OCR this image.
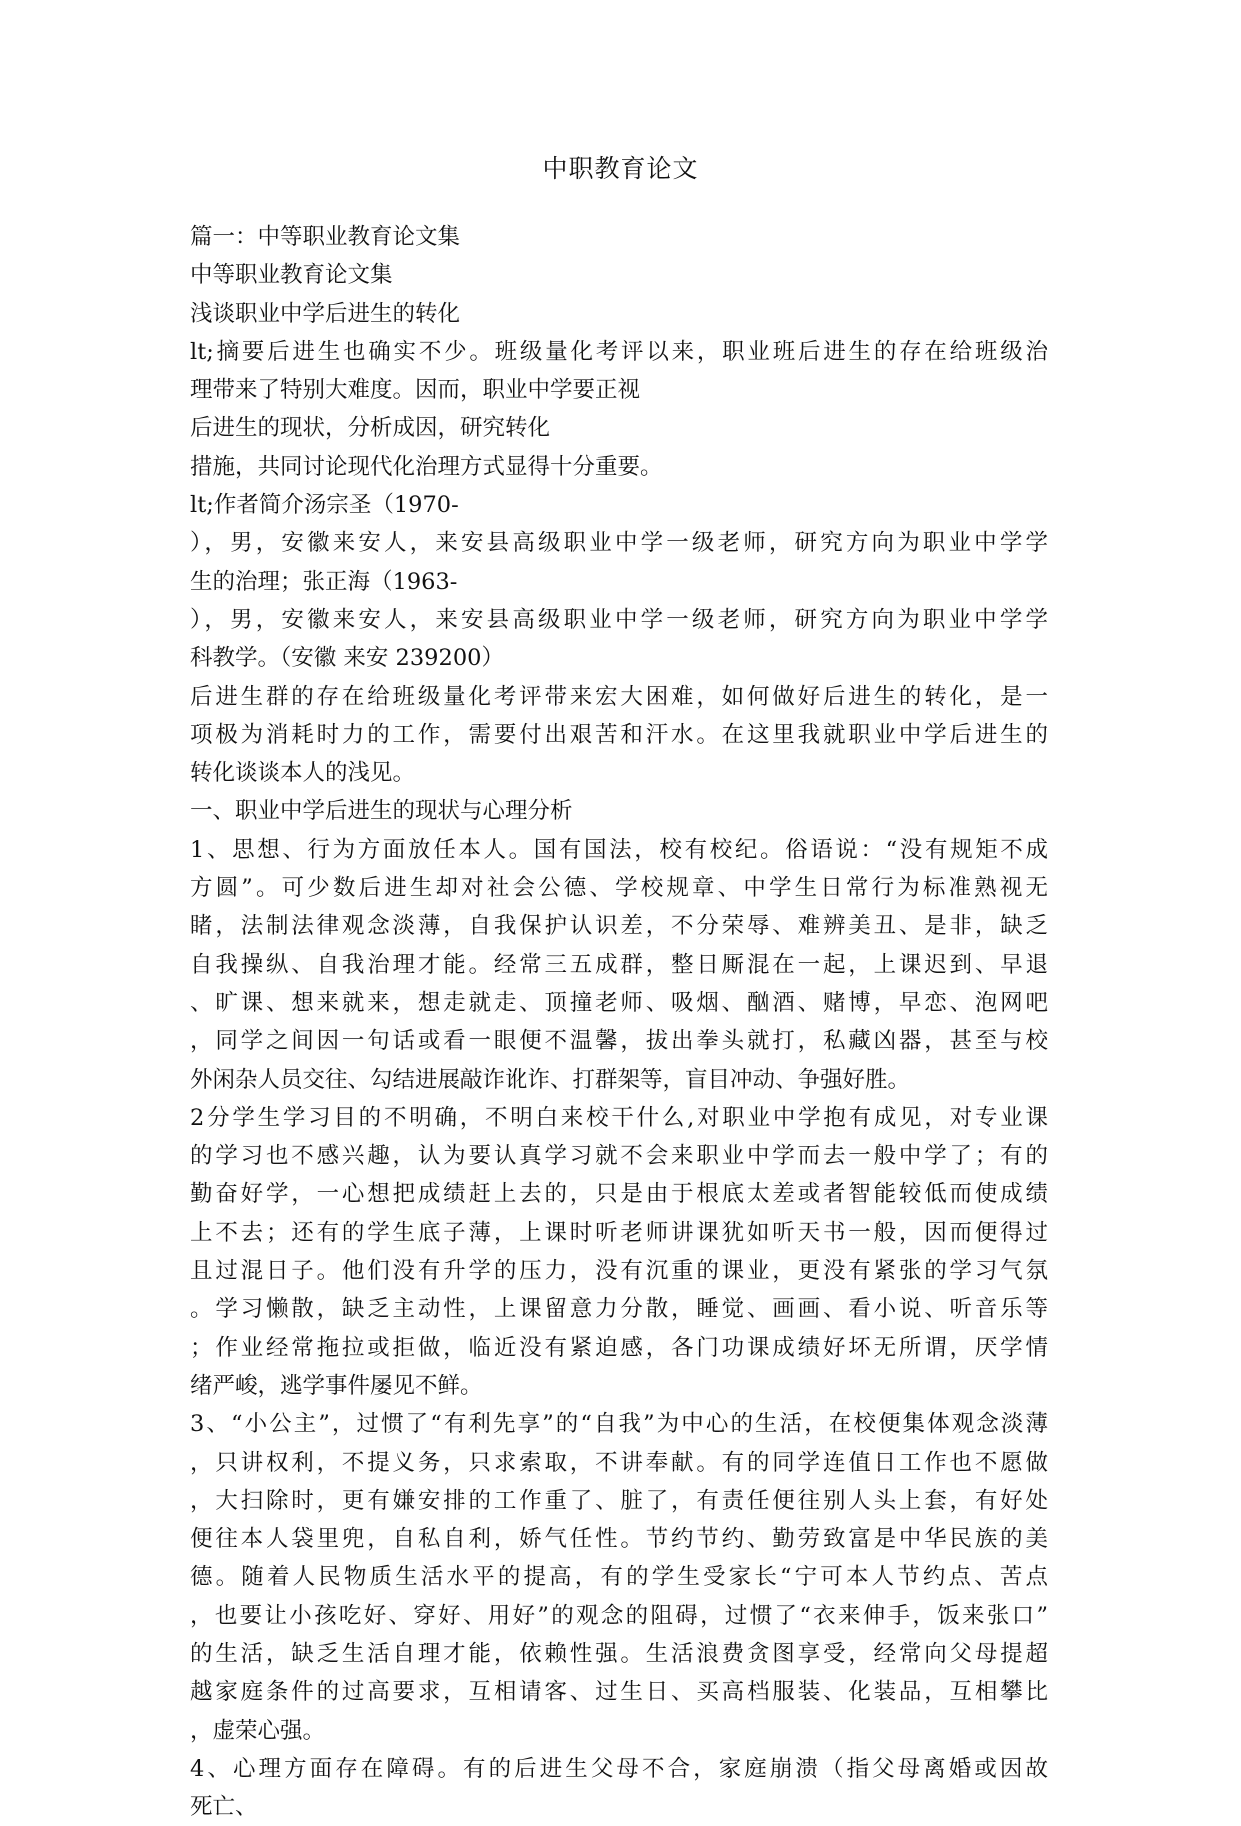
中职教育论文
篇一：中等职业教育论文集
中等职业教育论文集
浅谈职业中学后进生的转化
lt;摘要后进生也确实不少。班级量化考评以来，职业班后进生的存在给班级治
理带来了特别大难度。因而，职业中学要正视
后进生的现状，分析成因，研究转化
措施，共同讨论现代化治理方式显得十分重要。
lt;作者简介汤宗圣（1970-
），男，安徽来安人，来安县高级职业中学一级老师，研究方向为职业中学学
生的治理；张正海（1963-
），男，安徽来安人，来安县高级职业中学一级老师，研究方向为职业中学学
科教学。（安徽 来安 239200）
后进生群的存在给班级量化考评带来宏大困难，如何做好后进生的转化，是一
项极为消耗时力的工作，需要付出艰苦和汗水。在这里我就职业中学后进生的
转化谈谈本人的浅见。
一、职业中学后进生的现状与心理分析
1、思想、行为方面放任本人。国有国法，校有校纪。俗语说：“没有规矩不成
方圆”。可少数后进生却对社会公德、学校规章、中学生日常行为标准熟视无
睹，法制法律观念淡薄，自我保护认识差，不分荣辱、难辨美丑、是非，缺乏
自我操纵、自我治理才能。经常三五成群，整日厮混在一起，上课迟到、早退
、旷课、想来就来，想走就走、顶撞老师、吸烟、酗酒、赌博，早恋、泡网吧
，同学之间因一句话或看一眼便不温馨，拔出拳头就打，私藏凶器，甚至与校
外闲杂人员交往、勾结进展敲诈讹诈、打群架等，盲目冲动、争强好胜。
2分学生学习目的不明确，不明白来校干什么,对职业中学抱有成见，对专业课
的学习也不感兴趣，认为要认真学习就不会来职业中学而去一般中学了；有的
勤奋好学，一心想把成绩赶上去的，只是由于根底太差或者智能较低而使成绩
上不去；还有的学生底子薄，上课时听老师讲课犹如听天书一般，因而便得过
且过混日子。他们没有升学的压力，没有沉重的课业，更没有紧张的学习气氛
。学习懒散，缺乏主动性，上课留意力分散，睡觉、画画、看小说、听音乐等
；作业经常拖拉或拒做，临近没有紧迫感，各门功课成绩好坏无所谓，厌学情
绪严峻，逃学事件屡见不鲜。
3、“小公主”，过惯了“有利先享”的“自我”为中心的生活，在校便集体观念淡薄
，只讲权利，不提义务，只求索取，不讲奉献。有的同学连值日工作也不愿做
，大扫除时，更有嫌安排的工作重了、脏了，有责任便往别人头上套，有好处
便往本人袋里兜，自私自利，娇气任性。节约节约、勤劳致富是中华民族的美
德。随着人民物质生活水平的提高，有的学生受家长“宁可本人节约点、苦点
，也要让小孩吃好、穿好、用好”的观念的阻碍，过惯了“衣来伸手，饭来张口”
的生活，缺乏生活自理才能，依赖性强。生活浪费贪图享受，经常向父母提超
越家庭条件的过高要求，互相请客、过生日、买高档服装、化装品，互相攀比
，虚荣心强。
4、心理方面存在障碍。有的后进生父母不合，家庭崩溃（指父母离婚或因故
死亡、
